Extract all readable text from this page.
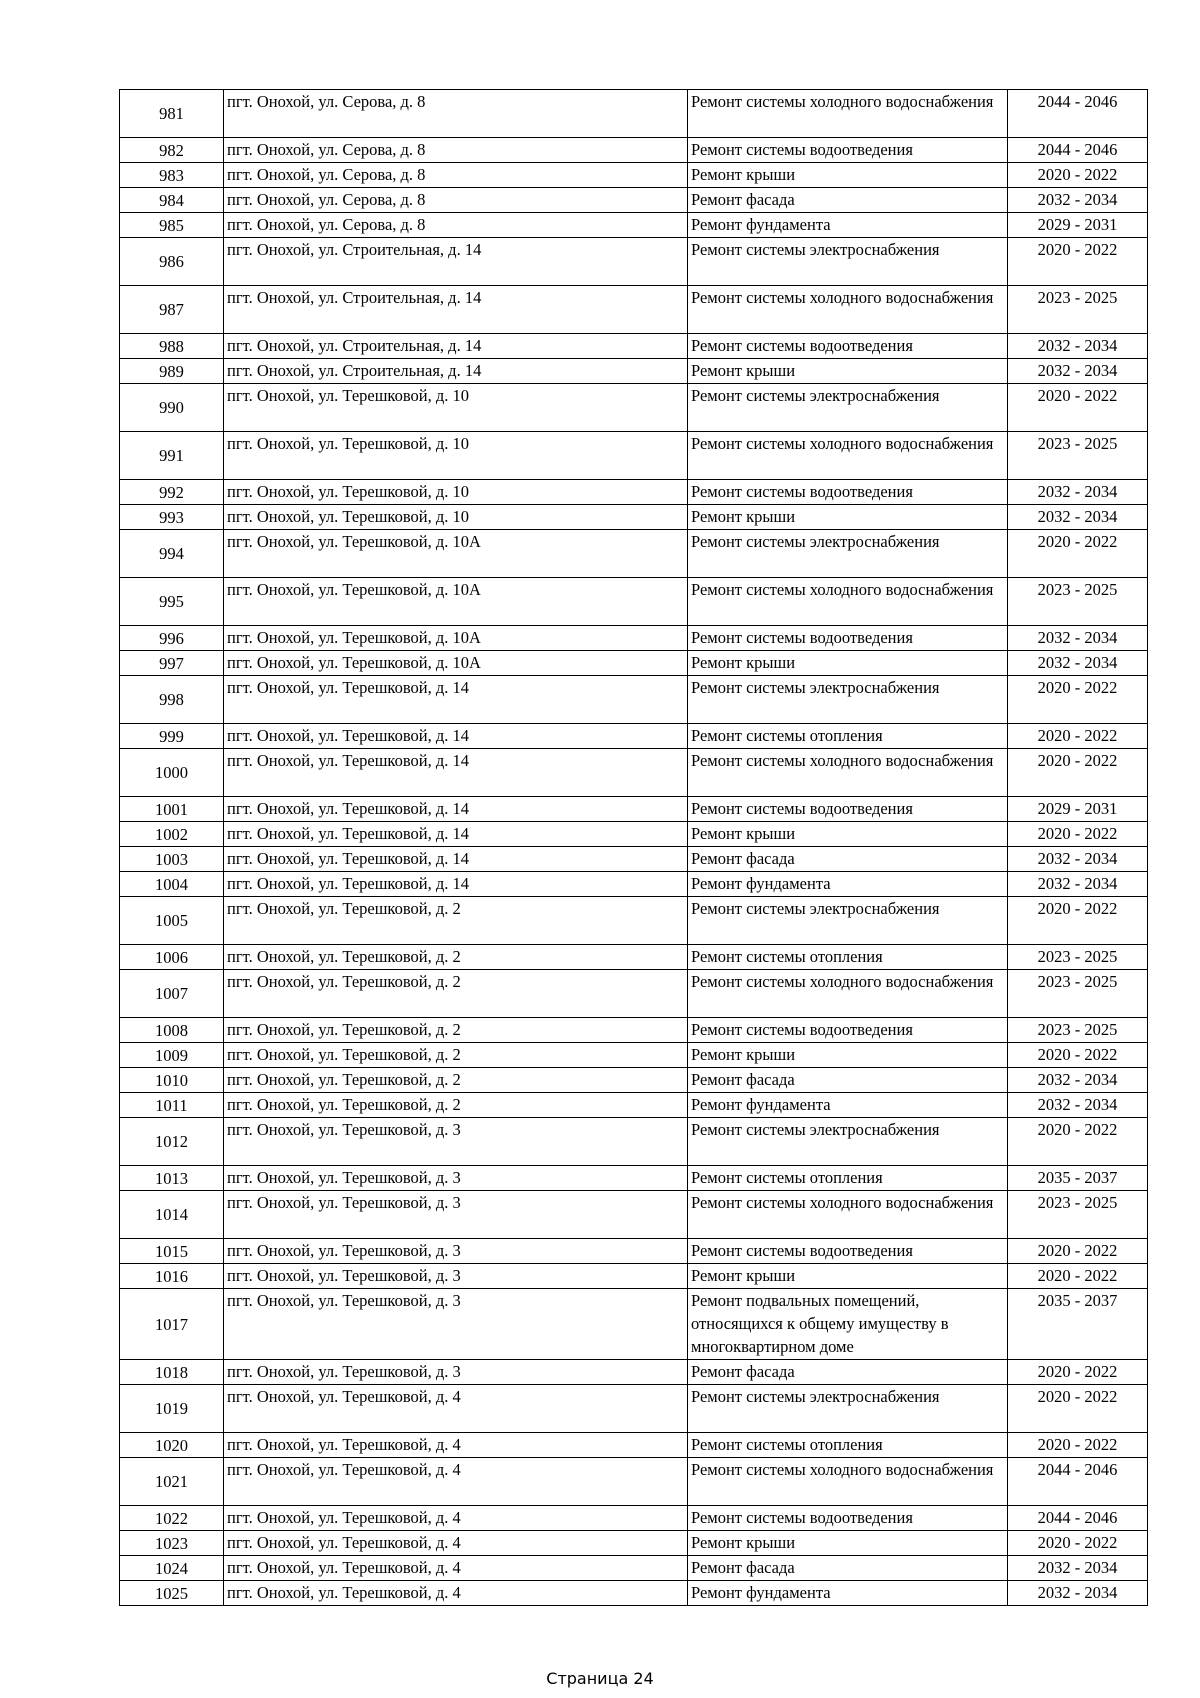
981	пгт. Онохой, ул. Серова, д. 8	Ремонт системы холодного водоснабжения	2044 - 2046
982	пгт. Онохой, ул. Серова, д. 8	Ремонт системы водоотведения	2044 - 2046
983	пгт. Онохой, ул. Серова, д. 8	Ремонт крыши	2020 - 2022
984	пгт. Онохой, ул. Серова, д. 8	Ремонт фасада	2032 - 2034
985	пгт. Онохой, ул. Серова, д. 8	Ремонт фундамента	2029 - 2031
986	пгт. Онохой, ул. Строительная, д. 14	Ремонт системы электроснабжения	2020 - 2022
987	пгт. Онохой, ул. Строительная, д. 14	Ремонт системы холодного водоснабжения	2023 - 2025
988	пгт. Онохой, ул. Строительная, д. 14	Ремонт системы водоотведения	2032 - 2034
989	пгт. Онохой, ул. Строительная, д. 14	Ремонт крыши	2032 - 2034
990	пгт. Онохой, ул. Терешковой, д. 10	Ремонт системы электроснабжения	2020 - 2022
991	пгт. Онохой, ул. Терешковой, д. 10	Ремонт системы холодного водоснабжения	2023 - 2025
992	пгт. Онохой, ул. Терешковой, д. 10	Ремонт системы водоотведения	2032 - 2034
993	пгт. Онохой, ул. Терешковой, д. 10	Ремонт крыши	2032 - 2034
994	пгт. Онохой, ул. Терешковой, д. 10А	Ремонт системы электроснабжения	2020 - 2022
995	пгт. Онохой, ул. Терешковой, д. 10А	Ремонт системы холодного водоснабжения	2023 - 2025
996	пгт. Онохой, ул. Терешковой, д. 10А	Ремонт системы водоотведения	2032 - 2034
997	пгт. Онохой, ул. Терешковой, д. 10А	Ремонт крыши	2032 - 2034
998	пгт. Онохой, ул. Терешковой, д. 14	Ремонт системы электроснабжения	2020 - 2022
999	пгт. Онохой, ул. Терешковой, д. 14	Ремонт системы отопления	2020 - 2022
1000	пгт. Онохой, ул. Терешковой, д. 14	Ремонт системы холодного водоснабжения	2020 - 2022
1001	пгт. Онохой, ул. Терешковой, д. 14	Ремонт системы водоотведения	2029 - 2031
1002	пгт. Онохой, ул. Терешковой, д. 14	Ремонт крыши	2020 - 2022
1003	пгт. Онохой, ул. Терешковой, д. 14	Ремонт фасада	2032 - 2034
1004	пгт. Онохой, ул. Терешковой, д. 14	Ремонт фундамента	2032 - 2034
1005	пгт. Онохой, ул. Терешковой, д. 2	Ремонт системы электроснабжения	2020 - 2022
1006	пгт. Онохой, ул. Терешковой, д. 2	Ремонт системы отопления	2023 - 2025
1007	пгт. Онохой, ул. Терешковой, д. 2	Ремонт системы холодного водоснабжения	2023 - 2025
1008	пгт. Онохой, ул. Терешковой, д. 2	Ремонт системы водоотведения	2023 - 2025
1009	пгт. Онохой, ул. Терешковой, д. 2	Ремонт крыши	2020 - 2022
1010	пгт. Онохой, ул. Терешковой, д. 2	Ремонт фасада	2032 - 2034
1011	пгт. Онохой, ул. Терешковой, д. 2	Ремонт фундамента	2032 - 2034
1012	пгт. Онохой, ул. Терешковой, д. 3	Ремонт системы электроснабжения	2020 - 2022
1013	пгт. Онохой, ул. Терешковой, д. 3	Ремонт системы отопления	2035 - 2037
1014	пгт. Онохой, ул. Терешковой, д. 3	Ремонт системы холодного водоснабжения	2023 - 2025
1015	пгт. Онохой, ул. Терешковой, д. 3	Ремонт системы водоотведения	2020 - 2022
1016	пгт. Онохой, ул. Терешковой, д. 3	Ремонт крыши	2020 - 2022
1017	пгт. Онохой, ул. Терешковой, д. 3	Ремонт подвальных помещений, относящихся к общему имуществу в многоквартирном доме	2035 - 2037
1018	пгт. Онохой, ул. Терешковой, д. 3	Ремонт фасада	2020 - 2022
1019	пгт. Онохой, ул. Терешковой, д. 4	Ремонт системы электроснабжения	2020 - 2022
1020	пгт. Онохой, ул. Терешковой, д. 4	Ремонт системы отопления	2020 - 2022
1021	пгт. Онохой, ул. Терешковой, д. 4	Ремонт системы холодного водоснабжения	2044 - 2046
1022	пгт. Онохой, ул. Терешковой, д. 4	Ремонт системы водоотведения	2044 - 2046
1023	пгт. Онохой, ул. Терешковой, д. 4	Ремонт крыши	2020 - 2022
1024	пгт. Онохой, ул. Терешковой, д. 4	Ремонт фасада	2032 - 2034
1025	пгт. Онохой, ул. Терешковой, д. 4	Ремонт фундамента	2032 - 2034
Страница 24
